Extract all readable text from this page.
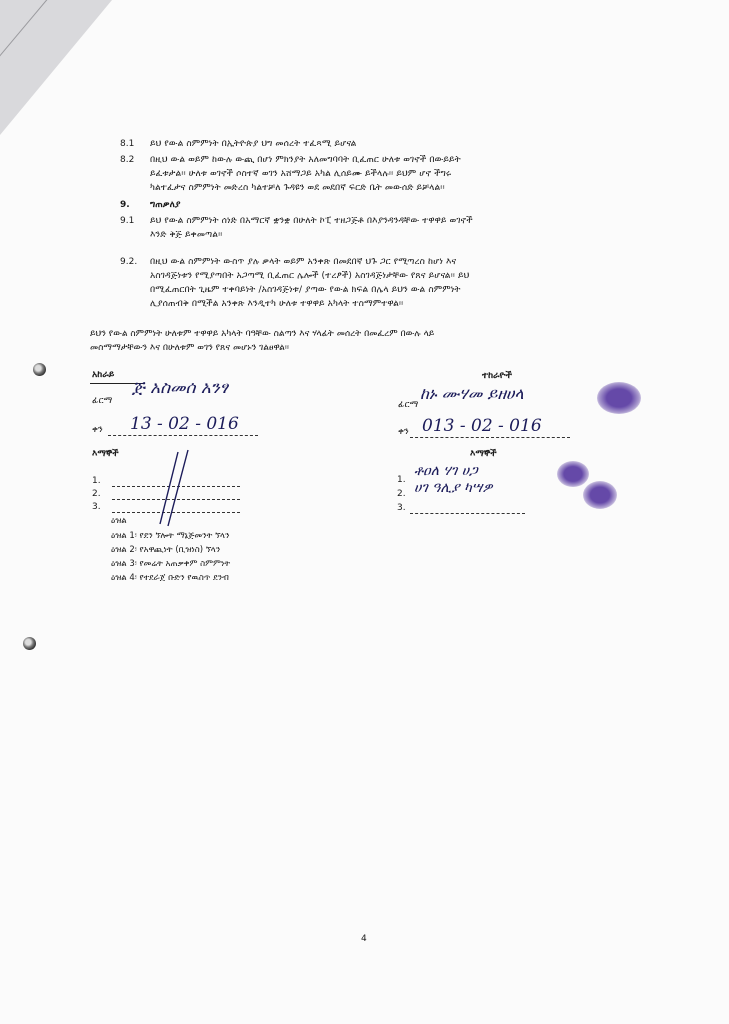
8.1	ይህ የውል ስምምነት በኢትዮጵያ ህግ መሰረት ተፈጻሚ ይሆናል
8.2	በዚህ ውል ወይም ከውሉ ውጪ በሆነ ምክንያት አለመግባባት ቢፈጠር ሁለቱ ወገኖች በውይይት
ይፈቱታል፡፡ ሁለቱ ወገኖች ሶስተኛ ወገን አሸማጋይ አካል ሊሰይሙ ይችላሉ፡፡ ይህም ሆኖ ችግሩ
ካልተፈታና ስምምነት መድረስ ካልተቻለ ጉዳዩን ወደ መደበኛ ፍርድ ቤት መውሰድ ይቻላል፡፡
9.	ግጠቃለያ
9.1	ይህ የውል ስምምነት ሰነድ በአማርኛ ቋንቋ በሁለት ኮፒ ተዘጋጅቶ በእያንዳንዳቸው ተዋዋይ ወገኖች
እንድ ቅጅ ይቀመጣል፡፡
9.2.	በዚህ ውል ስምምነት ውስጥ ያሉ ቃላት ወይም አንቀጽ በመደበኛ ህጉ ጋር የሚጣረስ ከሆነ እና
አስገዳጅነቱን የሚያጣበት አጋጣሚ ቢፈጠር ሌሎች (ተረፆች) አስገዳጅነታቸው የጸና ይሆናል፡፡ ይህ
በሚፈጠርበት ጊዜም ተቀባይነት /አስገዳጅነቱ/ ያጣው የውል ክፍል በሌላ ይህን ውል ስምምነት
ሊያሰጠብቅ በሚችል አንቀጽ እንዲተካ ሁለቱ ተዋዋይ አካላት ተስማምተዋል፡፡
ይህን የውል ስምምነት ሁለቱም ተዋዋይ አካላት ባዓቸው ስልጣን እና ሃላፊት መሰረት በመፈረም በውሉ ላይ
መስማማታቸውን እና በሁለቱም ወገን የጸና መሆኑን ገልፀዋል፡፡
አከራይ
ፊርማ
ጅ አስመሰ አንፃ
ቀን 13 - 02 - 016
ተከራዮች
ፊርማ
ከኑ ሙሃመ ይዘሀላ
ቀን 013 - 02 - 016
እማኞች
1.
2.
3.
እማኞች
1.
ቶዐለ ሃገ ሀጋ
2. ሀገ ዓሊያ ካሣዎ
3.
ዕዝል
ዕዝል 1፡ የደን ኘሎት ማኔጅመንት ኘላን
ዕዝል 2፡ የአዋጪነት (ቢዝነስ) ኘላን
ዕዝል 3፡ የመሬት አጠቃቀም ስምምነት
ዕዝል 4፡ የተደራጀ ቡድን የዉስጥ ደንብ
4
